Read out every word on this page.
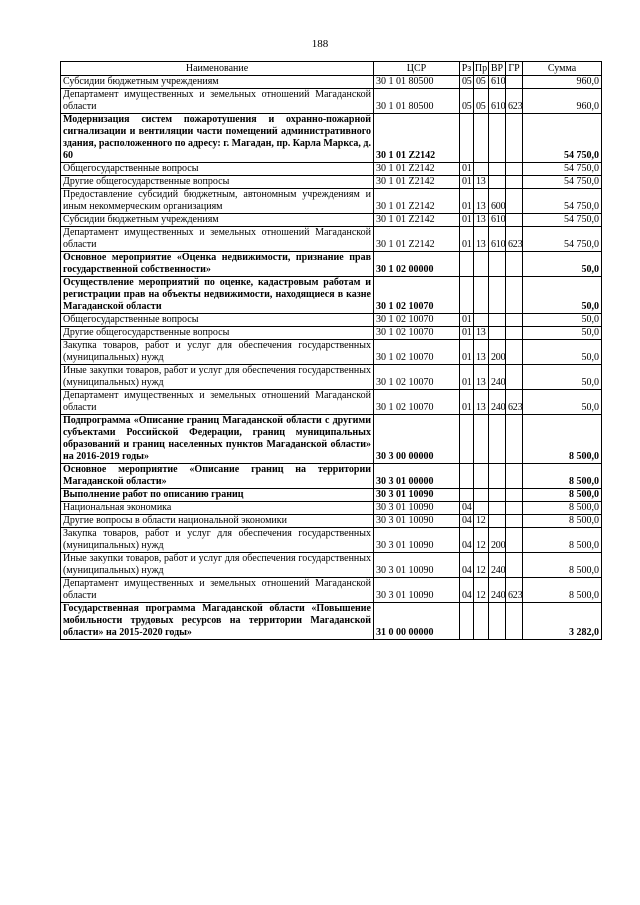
188
Наименование	ЦСР	Рз	Пр	ВР	ГР	Сумма
Субсидии бюджетным учреждениям	30 1 01 80500	05	05	610		960,0
Департамент имущественных и земельных отношений Магаданской области	30 1 01 80500	05	05	610	623	960,0
Модернизация систем пожаротушения и охранно-пожарной сигнализации и вентиляции части помещений административного здания, расположенного по адресу: г. Магадан, пр. Карла Маркса, д. 60	30 1 01 Z2142					54 750,0
Общегосударственные вопросы	30 1 01 Z2142	01				54 750,0
Другие общегосударственные вопросы	30 1 01 Z2142	01	13			54 750,0
Предоставление субсидий бюджетным, автономным учреждениям и иным некоммерческим организациям	30 1 01 Z2142	01	13	600		54 750,0
Субсидии бюджетным учреждениям	30 1 01 Z2142	01	13	610		54 750,0
Департамент имущественных и земельных отношений Магаданской области	30 1 01 Z2142	01	13	610	623	54 750,0
Основное мероприятие «Оценка недвижимости, признание прав государственной собственности»	30 1 02 00000					50,0
Осуществление мероприятий по оценке, кадастровым работам и регистрации прав на объекты недвижимости, находящиеся в казне Магаданской области	30 1 02 10070					50,0
Общегосударственные вопросы	30 1 02 10070	01				50,0
Другие общегосударственные вопросы	30 1 02 10070	01	13			50,0
Закупка товаров, работ и услуг для обеспечения государственных (муниципальных) нужд	30 1 02 10070	01	13	200		50,0
Иные закупки товаров, работ и услуг для обеспечения государственных (муниципальных) нужд	30 1 02 10070	01	13	240		50,0
Департамент имущественных и земельных отношений Магаданской области	30 1 02 10070	01	13	240	623	50,0
Подпрограмма «Описание границ Магаданской области с другими субъектами Российской Федерации, границ муниципальных образований и границ населенных пунктов Магаданской области» на 2016-2019 годы»	30 3 00 00000					8 500,0
Основное мероприятие «Описание границ на территории Магаданской области»	30 3 01 00000					8 500,0
Выполнение работ по описанию границ	30 3 01 10090					8 500,0
Национальная экономика	30 3 01 10090	04				8 500,0
Другие вопросы в области национальной экономики	30 3 01 10090	04	12			8 500,0
Закупка товаров, работ и услуг для обеспечения государственных (муниципальных) нужд	30 3 01 10090	04	12	200		8 500,0
Иные закупки товаров, работ и услуг для обеспечения государственных (муниципальных) нужд	30 3 01 10090	04	12	240		8 500,0
Департамент имущественных и земельных отношений Магаданской области	30 3 01 10090	04	12	240	623	8 500,0
Государственная программа Магаданской области «Повышение мобильности трудовых ресурсов на территории Магаданской области» на 2015-2020 годы»	31 0 00 00000					3 282,0
